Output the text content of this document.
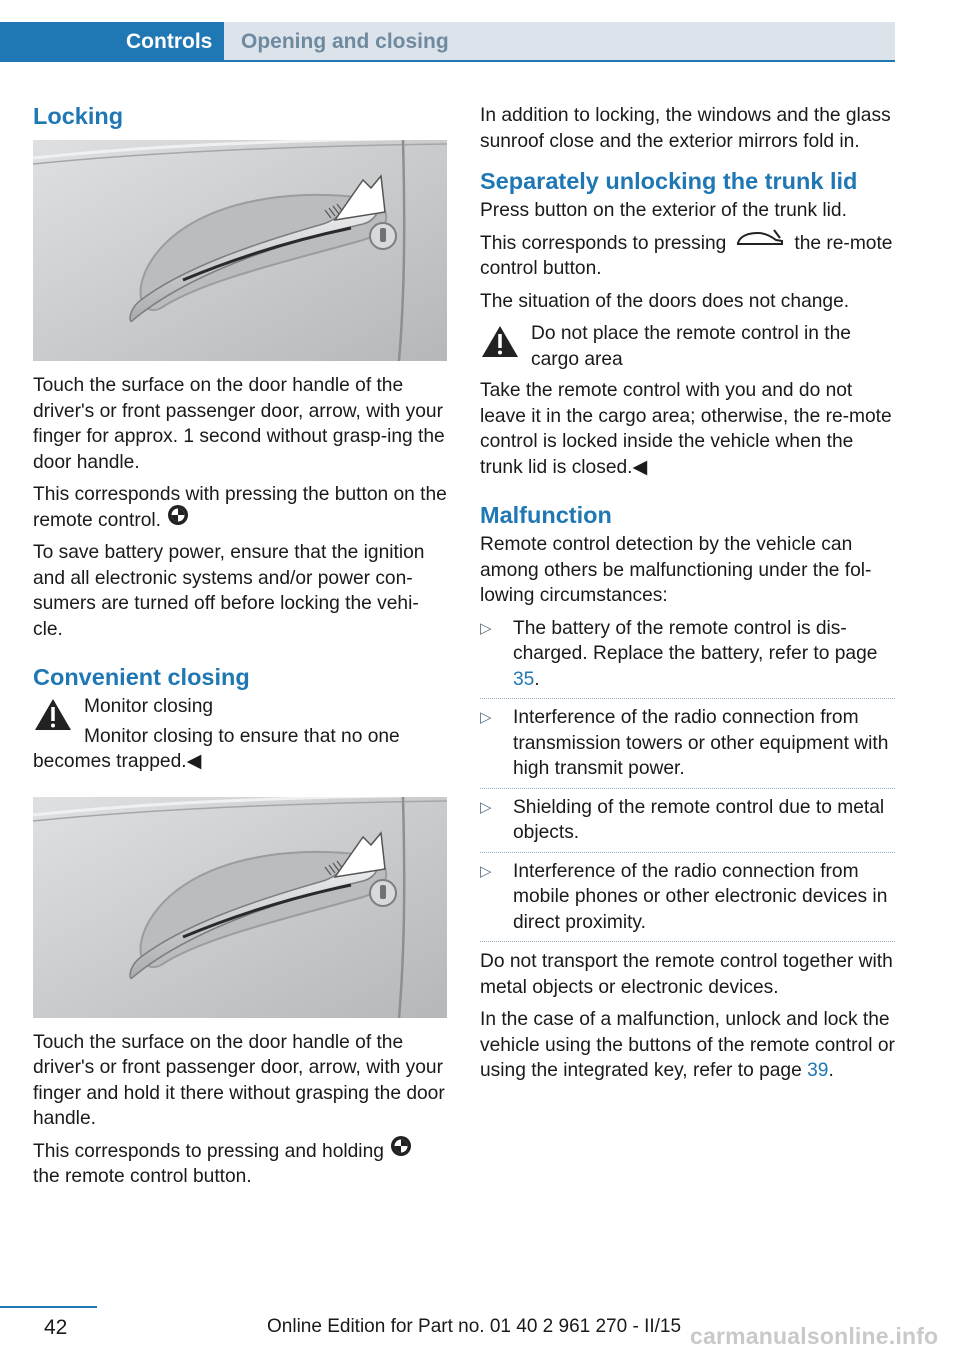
Controls	Opening and closing
Locking

Touch the surface on the door handle of the driver's or front passenger door, arrow, with your finger for approx. 1 second without grasp‐ing the door handle.

This corresponds with pressing the button on the remote control.

To save battery power, ensure that the ignition and all electronic systems and/or power con‐sumers are turned off before locking the vehi‐cle.

Convenient closing

Monitor closing

Monitor closing to ensure that no one becomes trapped.◀

Touch the surface on the door handle of the driver's or front passenger door, arrow, with your finger and hold it there without grasping the door handle.

This corresponds to pressing and holding
the remote control button.

In addition to locking, the windows and the glass sunroof close and the exterior mirrors fold in.

Separately unlocking the trunk lid

Press button on the exterior of the trunk lid.

This corresponds to pressing	the re‐mote control button.

The situation of the doors does not change.

Do not place the remote control in the cargo area

Take the remote control with you and do not leave it in the cargo area; otherwise, the re‐mote control is locked inside the vehicle when the trunk lid is closed.◀

Malfunction

Remote control detection by the vehicle can among others be malfunctioning under the fol‐lowing circumstances:

▷ The battery of the remote control is dis‐charged. Replace the battery, refer to page 35.
▷ Interference of the radio connection from transmission towers or other equipment with high transmit power.
▷ Shielding of the remote control due to metal objects.
▷ Interference of the radio connection from mobile phones or other electronic devices in direct proximity.

Do not transport the remote control together with metal objects or electronic devices.

In the case of a malfunction, unlock and lock the vehicle using the buttons of the remote control or using the integrated key, refer to page 39.

42	Online Edition for Part no. 01 40 2 961 270 - II/15 carmanualsonline.info
